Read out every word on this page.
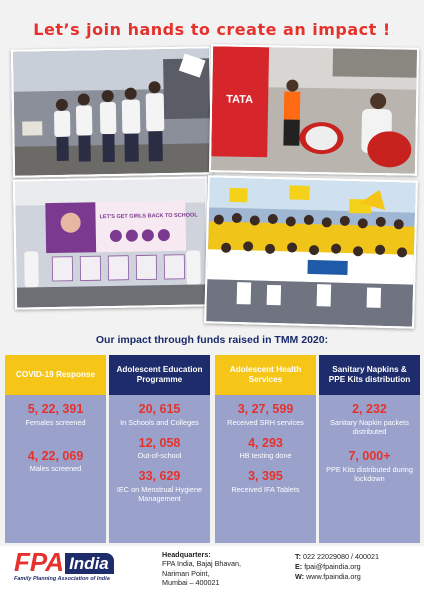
Let’s join hands to create an impact !
TATA
LET'S GET GIRLS BACK TO SCHOOL
Our impact through funds raised in TMM 2020:
COVID-19 Response
5, 22, 391
Females screened
4, 22, 069
Males screened
Adolescent Education Programme
20, 615
In Schools and Colleges
12, 058
Out-of-school
33, 629
IEC on Menstrual Hygiene Management
Adolescent Health Services
3, 27, 599
Received SRH services
4, 293
HB testing done
3, 395
Received IFA Tablets
Sanitary Napkins & PPE Kits distribution
2, 232
Sanitary Napkin packets distributed
7, 000+
PPE Kits distributed during lockdown
FPA India
Family Planning Association of India
Headquarters:
FPA India, Bajaj Bhavan,
Nariman Point,
Mumbai – 400021
T: 022 22029080 / 400021
E: fpai@fpaindia.org
W: www.fpaindia.org
